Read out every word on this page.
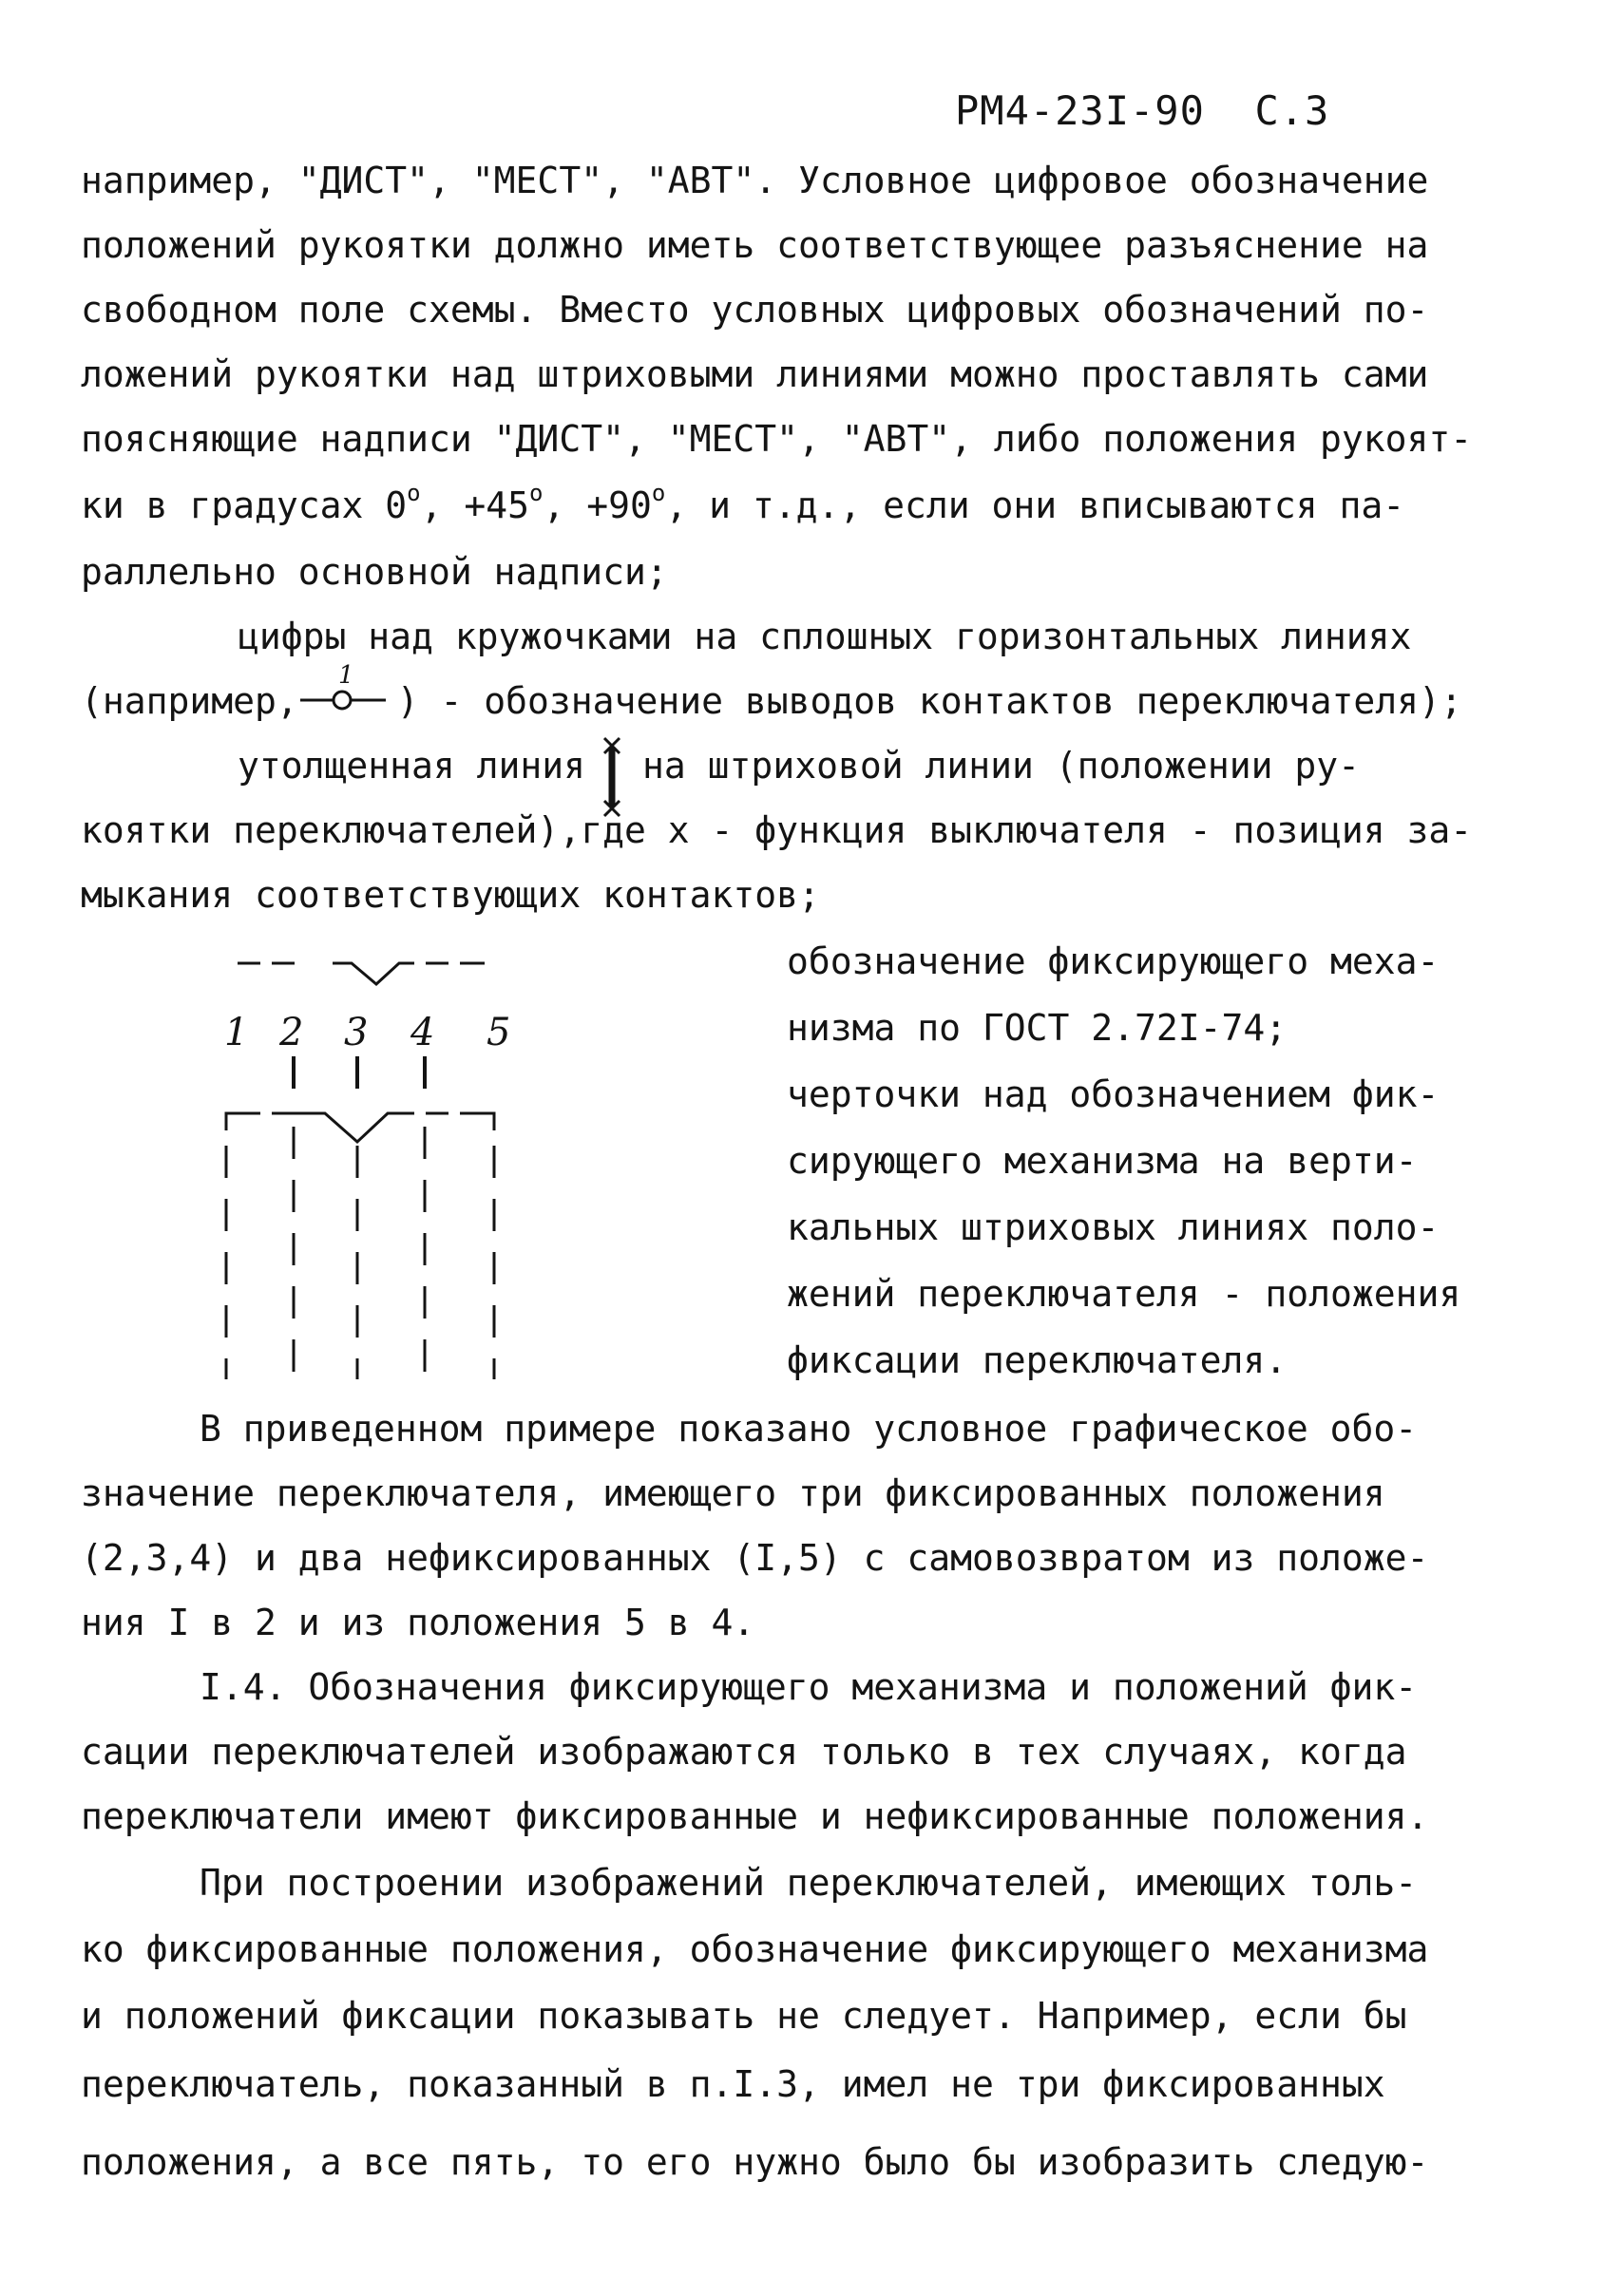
РМ4-23I-90 С.3
например, "ДИСТ", "МЕСТ", "АВТ". Условное цифровое обозначение
положений рукоятки должно иметь соответствующее разъяснение на
свободном поле схемы. Вместо условных цифровых обозначений по-
ложений рукоятки над штриховыми линиями можно проставлять сами
поясняющие надписи "ДИСТ", "МЕСТ", "АВТ", либо положения рукоят-
ки в градусах $0^о$, $+45^о$, $+90^о$, и т.д., если они вписываются па-
раллельно основной надписи;
цифры над кружочками на сплошных горизонтальных линиях
(например,
1
) - обозначение выводов контактов переключателя);
утолщенная линия на штриховой линии (положении ру-
коятки переключателей),где х - функция выключателя - позиция за-
мыкания соответствующих контактов;
1 2 3 4 5
обозначение фиксирующего меха-
низма по ГОСТ 2.72I-74;
черточки над обозначением фик-
сирующего механизма на верти-
кальных штриховых линиях поло-
жений переключателя - положения
фиксации переключателя.
В приведенном примере показано условное графическое обо-
значение переключателя, имеющего три фиксированных положения
(2,3,4) и два нефиксированных (I,5) с самовозвратом из положе-
ния I в 2 и из положения 5 в 4.
I.4. Обозначения фиксирующего механизма и положений фик-
сации переключателей изображаются только в тех случаях, когда
переключатели имеют фиксированные и нефиксированные положения.
При построении изображений переключателей, имеющих толь-
ко фиксированные положения, обозначение фиксирующего механизма
и положений фиксации показывать не следует. Например, если бы
переключатель, показанный в п.I.3, имел не три фиксированных
положения, а все пять, то его нужно было бы изобразить следую-
